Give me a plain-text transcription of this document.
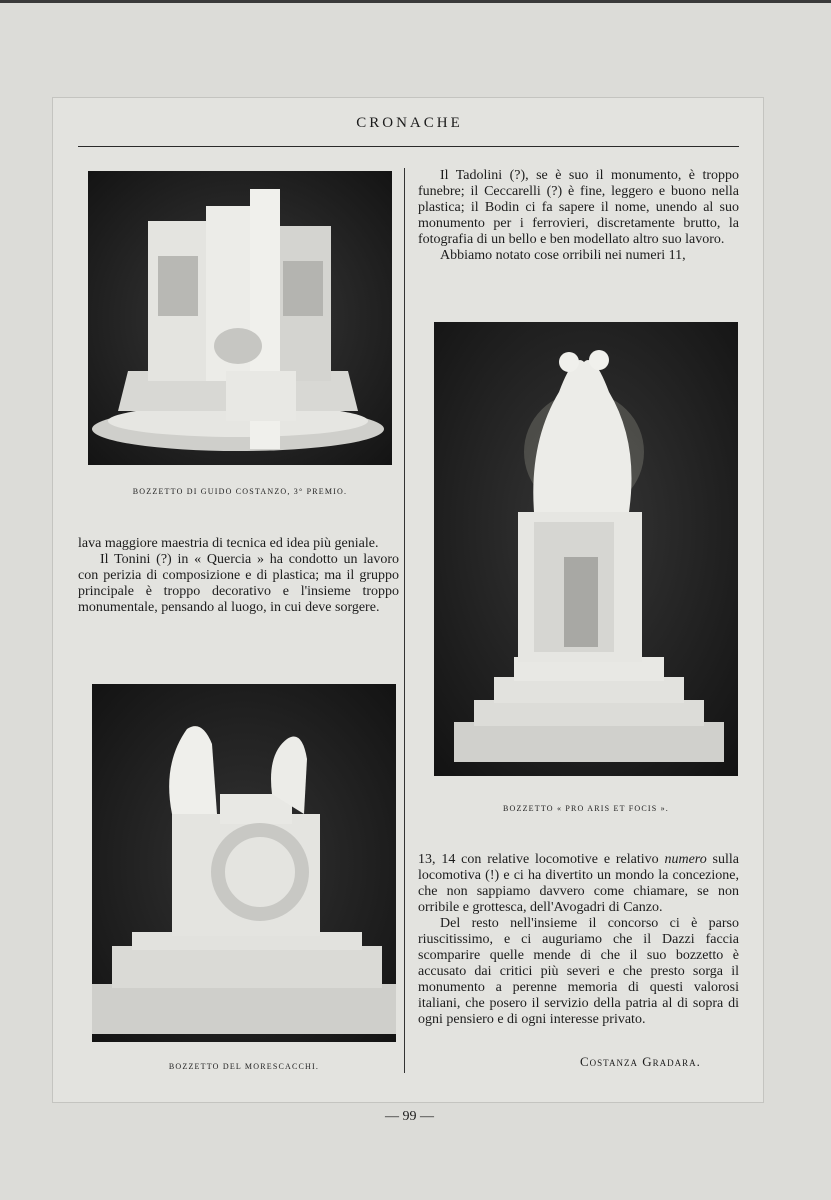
CRONACHE
BOZZETTO DI GUIDO COSTANZO, 3° PREMIO.
BOZZETTO « PRO ARIS ET FOCIS ».
BOZZETTO DEL MORESCACCHI.

Il Tadolini (?), se è suo il monumento, è troppo funebre; il Ceccarelli (?) è fine, leggero e buono nella plastica; il Bodin ci fa sapere il nome, unendo al suo monumento per i ferrovieri, discretamente brutto, la fotografia di un bello e ben modellato altro suo lavoro.

Abbiamo notato cose orribili nei numeri 11,

lava maggiore maestria di tecnica ed idea più geniale.

Il Tonini (?) in « Quercia » ha condotto un lavoro con perizia di composizione e di plastica; ma il gruppo principale è troppo decorativo e l'insieme troppo monumentale, pensando al luogo, in cui deve sorgere.

13, 14 con relative locomotive e relativo numero sulla locomotiva (!) e ci ha divertito un mondo la concezione, che non sappiamo davvero come chiamare, se non orribile e grottesca, dell'Avogadri di Canzo.

Del resto nell'insieme il concorso ci è parso riuscitissimo, e ci auguriamo che il Dazzi faccia scomparire quelle mende di che il suo bozzetto è accusato dai critici più severi e che presto sorga il monumento a perenne memoria di questi valorosi italiani, che posero il servizio della patria al di sopra di ogni pensiero e di ogni interesse privato.

Costanza Gradara.
— 99 —
